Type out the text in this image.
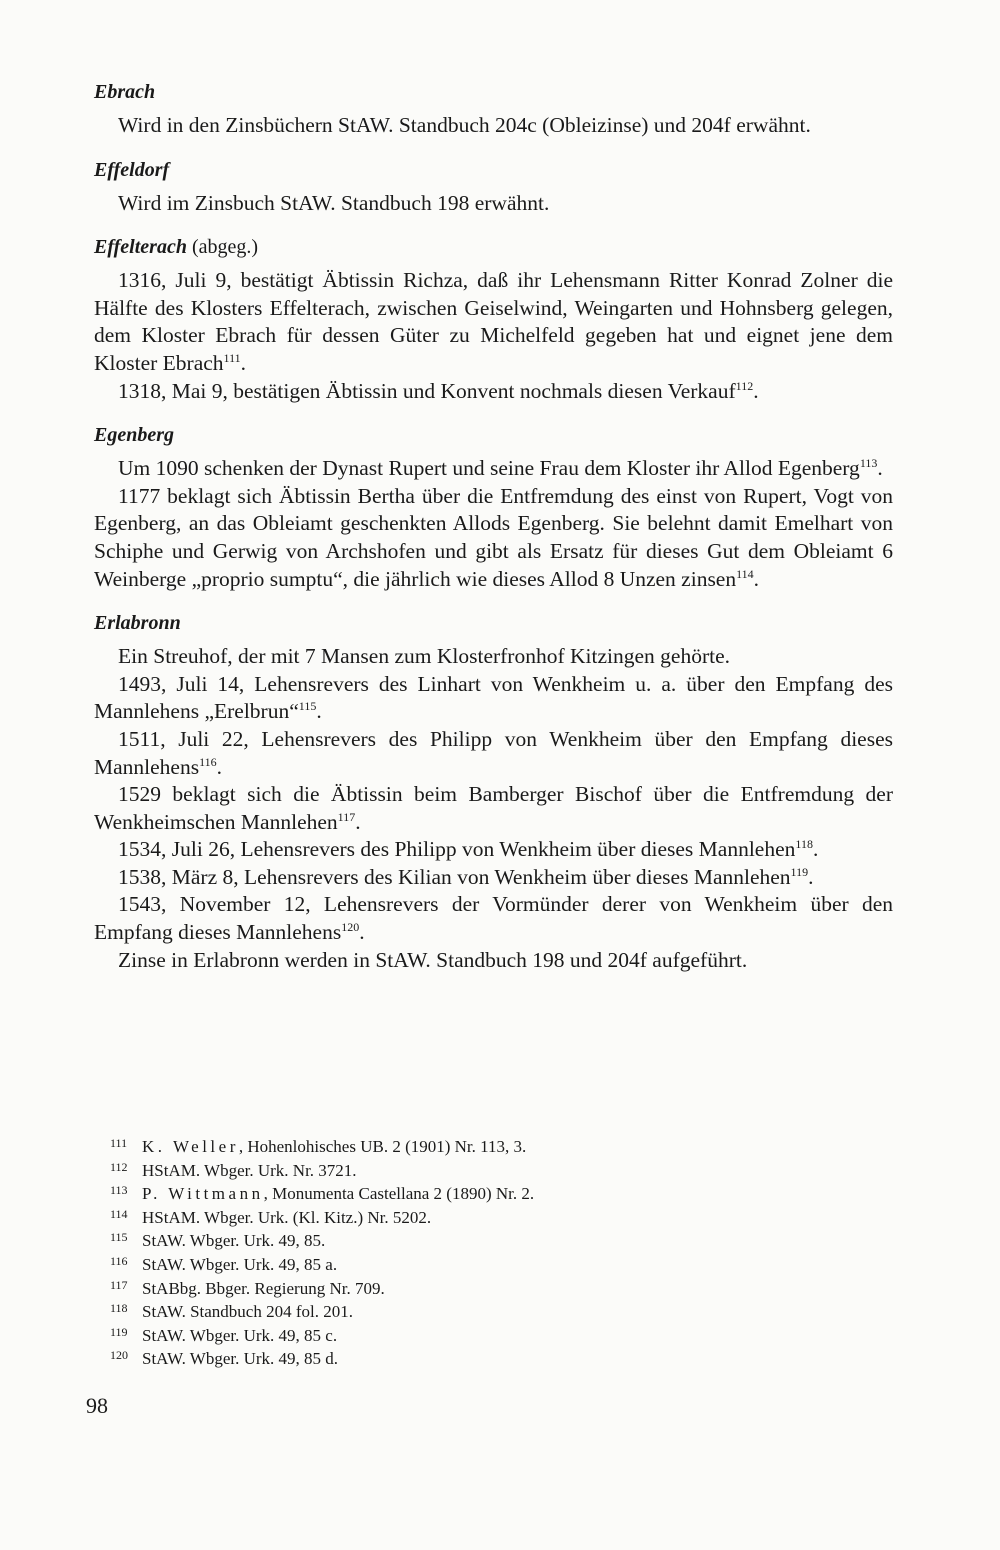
Ebrach

Wird in den Zinsbüchern StAW. Standbuch 204c (Obleizinse) und 204f erwähnt.

Effeldorf

Wird im Zinsbuch StAW. Standbuch 198 erwähnt.

Effelterach (abgeg.)

1316, Juli 9, bestätigt Äbtissin Richza, daß ihr Lehensmann Ritter Konrad Zolner die Hälfte des Klosters Effelterach, zwischen Geiselwind, Weingarten und Hohnsberg gelegen, dem Kloster Ebrach für dessen Güter zu Michelfeld gegeben hat und eignet jene dem Kloster Ebrach$^{111}$.

1318, Mai 9, bestätigen Äbtissin und Konvent nochmals diesen Verkauf$^{112}$.

Egenberg

Um 1090 schenken der Dynast Rupert und seine Frau dem Kloster ihr Allod Egenberg$^{113}$.

1177 beklagt sich Äbtissin Bertha über die Entfremdung des einst von Rupert, Vogt von Egenberg, an das Obleiamt geschenkten Allods Egenberg. Sie belehnt damit Emelhart von Schiphe und Gerwig von Archshofen und gibt als Ersatz für dieses Gut dem Obleiamt 6 Weinberge „proprio sumptu“, die jährlich wie dieses Allod 8 Unzen zinsen$^{114}$.

Erlabronn

Ein Streuhof, der mit 7 Mansen zum Klosterfronhof Kitzingen gehörte.

1493, Juli 14, Lehensrevers des Linhart von Wenkheim u. a. über den Empfang des Mannlehens „Erelbrun“$^{115}$.

1511, Juli 22, Lehensrevers des Philipp von Wenkheim über den Empfang dieses Mannlehens$^{116}$.

1529 beklagt sich die Äbtissin beim Bamberger Bischof über die Entfremdung der Wenkheimschen Mannlehen$^{117}$.

1534, Juli 26, Lehensrevers des Philipp von Wenkheim über dieses Mannlehen$^{118}$.

1538, März 8, Lehensrevers des Kilian von Wenkheim über dieses Mannlehen$^{119}$.

1543, November 12, Lehensrevers der Vormünder derer von Wenkheim über den Empfang dieses Mannlehens$^{120}$.

Zinse in Erlabronn werden in StAW. Standbuch 198 und 204f aufgeführt.

111 K. Weller, Hohenlohisches UB. 2 (1901) Nr. 113, 3.
112 HStAM. Wbger. Urk. Nr. 3721.
113 P. Wittmann, Monumenta Castellana 2 (1890) Nr. 2.
114 HStAM. Wbger. Urk. (Kl. Kitz.) Nr. 5202.
115 StAW. Wbger. Urk. 49, 85.
116 StAW. Wbger. Urk. 49, 85 a.
117 StABbg. Bbger. Regierung Nr. 709.
118 StAW. Standbuch 204 fol. 201.
119 StAW. Wbger. Urk. 49, 85 c.
120 StAW. Wbger. Urk. 49, 85 d.
98
